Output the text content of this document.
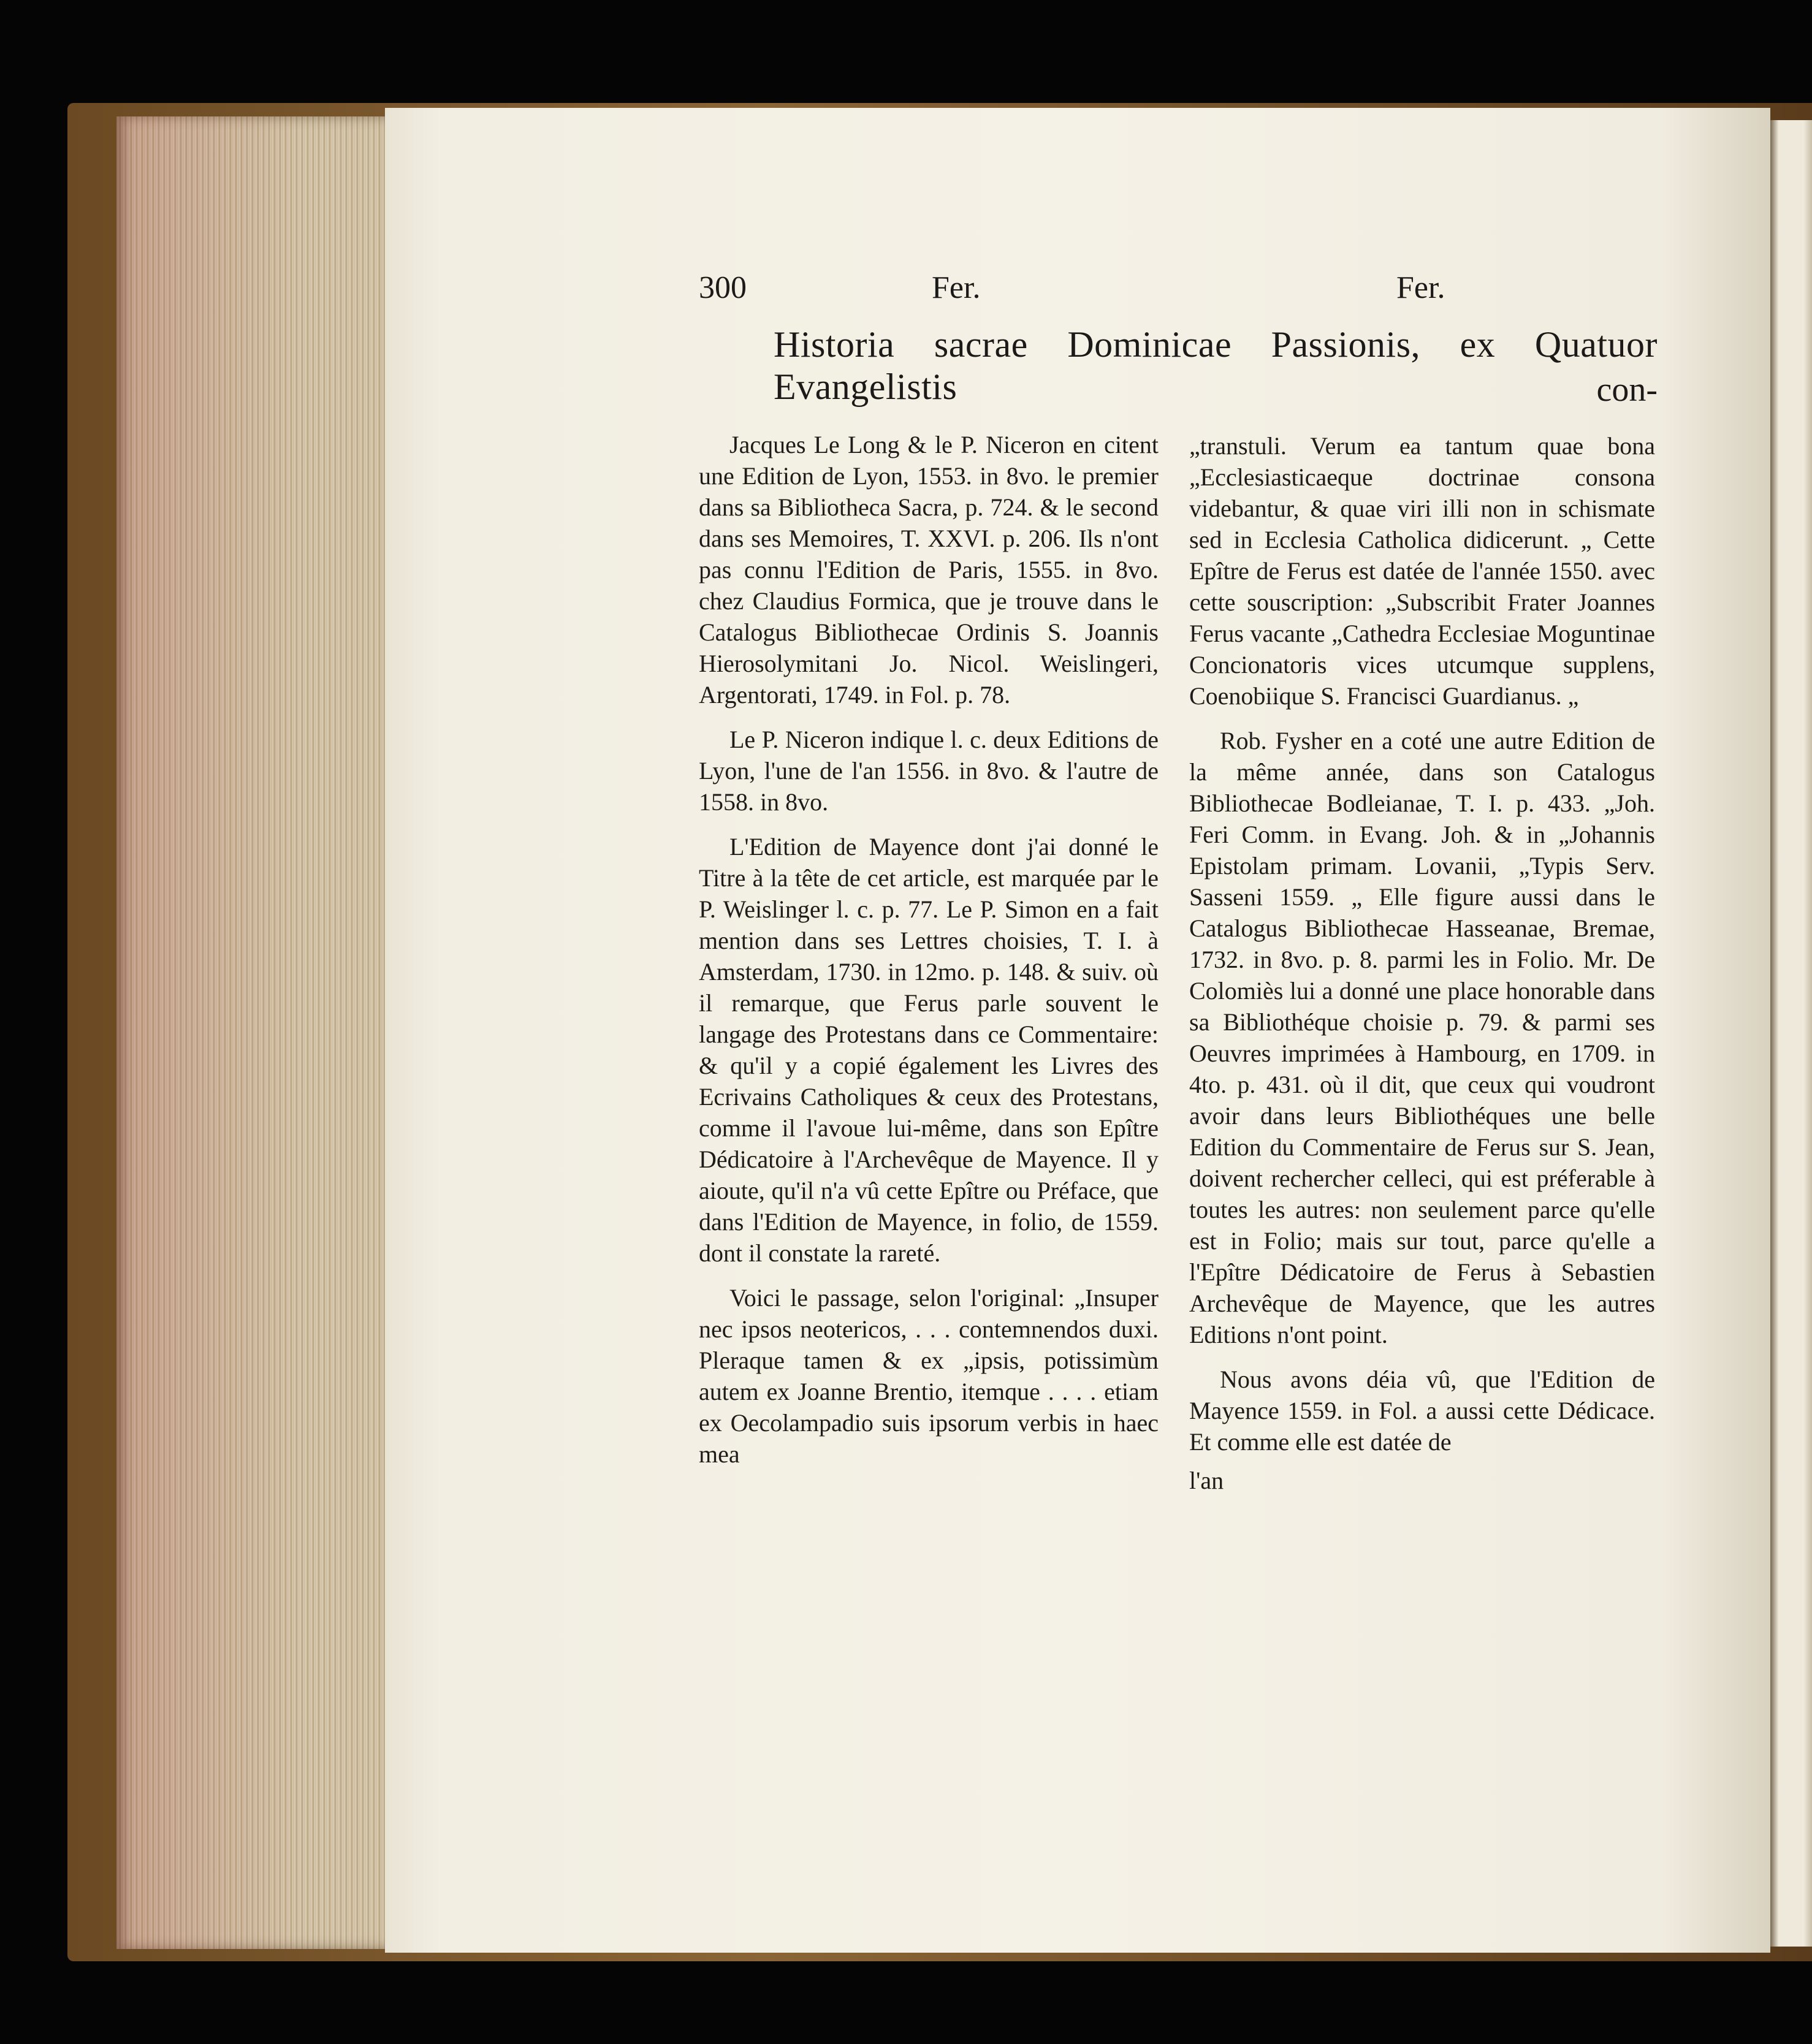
300	Fer.	Fer.
Historia sacrae Dominicae Passionis, ex Quatuor Evangelistis	con-

Jacques Le Long & le P. Niceron en citent une Edition de Lyon, 1553. in 8vo. le premier dans sa Bibliotheca Sacra, p. 724. & le second dans ses Memoires, T. XXVI. p. 206. Ils n'ont pas connu l'Edition de Paris, 1555. in 8vo. chez Claudius Formica, que je trouve dans le Catalogus Bibliothecae Ordinis S. Joannis Hierosolymitani Jo. Nicol. Weislingeri, Argentorati, 1749. in Fol. p. 78.

Le P. Niceron indique l. c. deux Editions de Lyon, l'une de l'an 1556. in 8vo. & l'autre de 1558. in 8vo.

L'Edition de Mayence dont j'ai donné le Titre à la tête de cet article, est marquée par le P. Weislinger l. c. p. 77. Le P. Simon en a fait mention dans ses Lettres choisies, T. I. à Amsterdam, 1730. in 12mo. p. 148. & suiv. où il remarque, que Ferus parle souvent le langage des Protestans dans ce Commentaire: & qu'il y a copié également les Livres des Ecrivains Catholiques & ceux des Protestans, comme il l'avoue lui-même, dans son Epître Dédicatoire à l'Archevêque de Mayence. Il y aioute, qu'il n'a vû cette Epître ou Préface, que dans l'Edition de Mayence, in folio, de 1559. dont il constate la rareté.

Voici le passage, selon l'original: „Insuper nec ipsos neotericos, . . . contemnendos duxi. Pleraque tamen & ex „ipsis, potissimùm autem ex Joanne Brentio, itemque . . . . etiam ex Oecolampadio suis ipsorum verbis in haec mea

„transtuli. Verum ea tantum quae bona „Ecclesiasticaeque doctrinae consona videbantur, & quae viri illi non in schismate sed in Ecclesia Catholica didicerunt. „ Cette Epître de Ferus est datée de l'année 1550. avec cette souscription: „Subscribit Frater Joannes Ferus vacante „Cathedra Ecclesiae Moguntinae Concionatoris vices utcumque supplens, Coenobiique S. Francisci Guardianus. „

Rob. Fysher en a coté une autre Edition de la même année, dans son Catalogus Bibliothecae Bodleianae, T. I. p. 433. „Joh. Feri Comm. in Evang. Joh. & in „Johannis Epistolam primam. Lovanii, „Typis Serv. Sasseni 1559. „ Elle figure aussi dans le Catalogus Bibliothecae Hasseanae, Bremae, 1732. in 8vo. p. 8. parmi les in Folio. Mr. De Colomiès lui a donné une place honorable dans sa Bibliothéque choisie p. 79. & parmi ses Oeuvres imprimées à Hambourg, en 1709. in 4to. p. 431. où il dit, que ceux qui voudront avoir dans leurs Bibliothéques une belle Edition du Commentaire de Ferus sur S. Jean, doivent rechercher celleci, qui est préferable à toutes les autres: non seulement parce qu'elle est in Folio; mais sur tout, parce qu'elle a l'Epître Dédicatoire de Ferus à Sebastien Archevêque de Mayence, que les autres Editions n'ont point.

Nous avons déia vû, que l'Edition de Mayence 1559. in Fol. a aussi cette Dédicace. Et comme elle est datée de

l'an
